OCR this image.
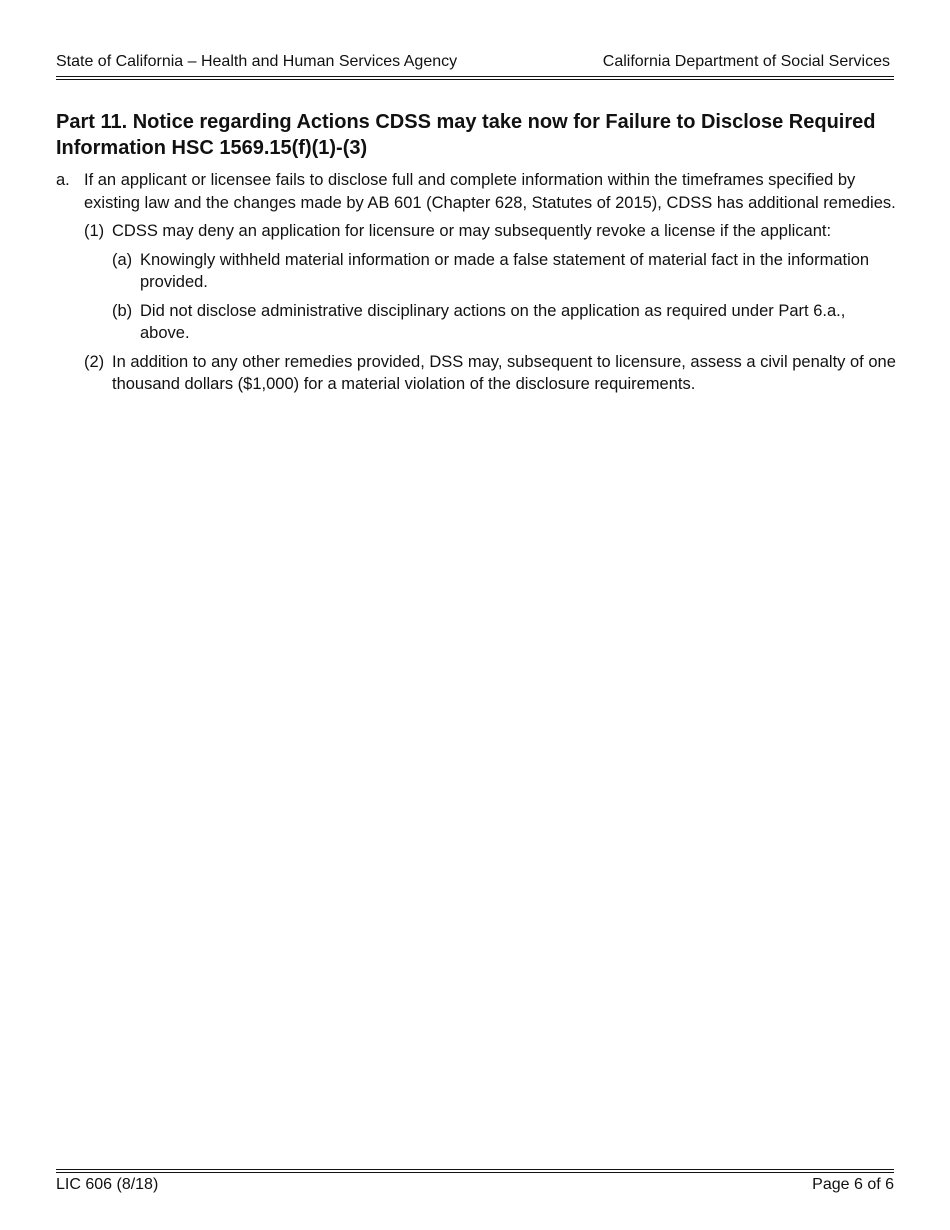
State of California – Health and Human Services Agency	California Department of Social Services
Part 11. Notice regarding Actions CDSS may take now for Failure to Disclose Required Information HSC 1569.15(f)(1)-(3)
a. If an applicant or licensee fails to disclose full and complete information within the timeframes specified by existing law and the changes made by AB 601 (Chapter 628, Statutes of 2015), CDSS has additional remedies.
(1) CDSS may deny an application for licensure or may subsequently revoke a license if the applicant:
(a) Knowingly withheld material information or made a false statement of material fact in the information provided.
(b) Did not disclose administrative disciplinary actions on the application as required under Part 6.a., above.
(2) In addition to any other remedies provided, DSS may, subsequent to licensure, assess a civil penalty of one thousand dollars ($1,000) for a material violation of the disclosure requirements.
LIC 606 (8/18)	Page 6 of 6
